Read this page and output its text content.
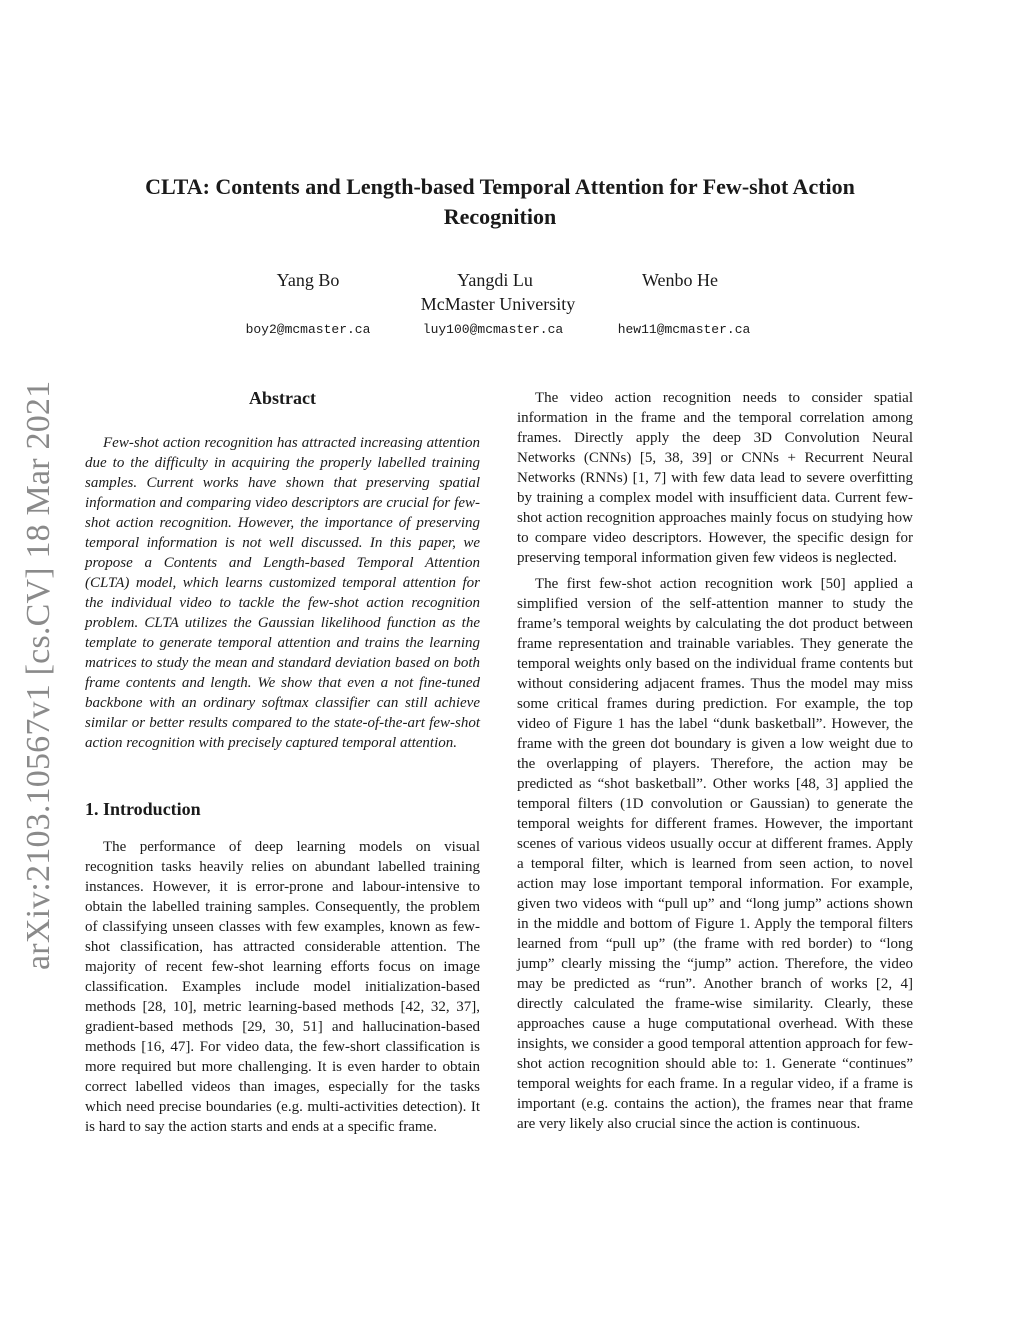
arXiv:2103.10567v1 [cs.CV] 18 Mar 2021
CLTA: Contents and Length-based Temporal Attention for Few-shot Action Recognition
Yang Bo	Yangdi Lu	Wenbo He
McMaster University
boy2@mcmaster.ca	luy100@mcmaster.ca	hew11@mcmaster.ca
Abstract

Few-shot action recognition has attracted increasing attention due to the difficulty in acquiring the properly labelled training samples. Current works have shown that preserving spatial information and comparing video descriptors are crucial for few-shot action recognition. However, the importance of preserving temporal information is not well discussed. In this paper, we propose a Contents and Length-based Temporal Attention (CLTA) model, which learns customized temporal attention for the individual video to tackle the few-shot action recognition problem. CLTA utilizes the Gaussian likelihood function as the template to generate temporal attention and trains the learning matrices to study the mean and standard deviation based on both frame contents and length. We show that even a not fine-tuned backbone with an ordinary softmax classifier can still achieve similar or better results compared to the state-of-the-art few-shot action recognition with precisely captured temporal attention.

1. Introduction

The performance of deep learning models on visual recognition tasks heavily relies on abundant labelled training instances. However, it is error-prone and labour-intensive to obtain the labelled training samples. Consequently, the problem of classifying unseen classes with few examples, known as few-shot classification, has attracted considerable attention. The majority of recent few-shot learning efforts focus on image classification. Examples include model initialization-based methods [28, 10], metric learning-based methods [42, 32, 37], gradient-based methods [29, 30, 51] and hallucination-based methods [16, 47]. For video data, the few-short classification is more required but more challenging. It is even harder to obtain correct labelled videos than images, especially for the tasks which need precise boundaries (e.g. multi-activities detection). It is hard to say the action starts and ends at a specific frame.

The video action recognition needs to consider spatial information in the frame and the temporal correlation among frames. Directly apply the deep 3D Convolution Neural Networks (CNNs) [5, 38, 39] or CNNs + Recurrent Neural Networks (RNNs) [1, 7] with few data lead to severe overfitting by training a complex model with insufficient data. Current few-shot action recognition approaches mainly focus on studying how to compare video descriptors. However, the specific design for preserving temporal information given few videos is neglected.

The first few-shot action recognition work [50] applied a simplified version of the self-attention manner to study the frame’s temporal weights by calculating the dot product between frame representation and trainable variables. They generate the temporal weights only based on the individual frame contents but without considering adjacent frames. Thus the model may miss some critical frames during prediction. For example, the top video of Figure 1 has the label “dunk basketball”. However, the frame with the green dot boundary is given a low weight due to the overlapping of players. Therefore, the action may be predicted as “shot basketball”. Other works [48, 3] applied the temporal filters (1D convolution or Gaussian) to generate the temporal weights for different frames. However, the important scenes of various videos usually occur at different frames. Apply a temporal filter, which is learned from seen action, to novel action may lose important temporal information. For example, given two videos with “pull up” and “long jump” actions shown in the middle and bottom of Figure 1. Apply the temporal filters learned from “pull up” (the frame with red border) to “long jump” clearly missing the “jump” action. Therefore, the video may be predicted as “run”. Another branch of works [2, 4] directly calculated the frame-wise similarity. Clearly, these approaches cause a huge computational overhead. With these insights, we consider a good temporal attention approach for few-shot action recognition should able to: 1. Generate “continues” temporal weights for each frame. In a regular video, if a frame is important (e.g. contains the action), the frames near that frame are very likely also crucial since the action is continuous.
